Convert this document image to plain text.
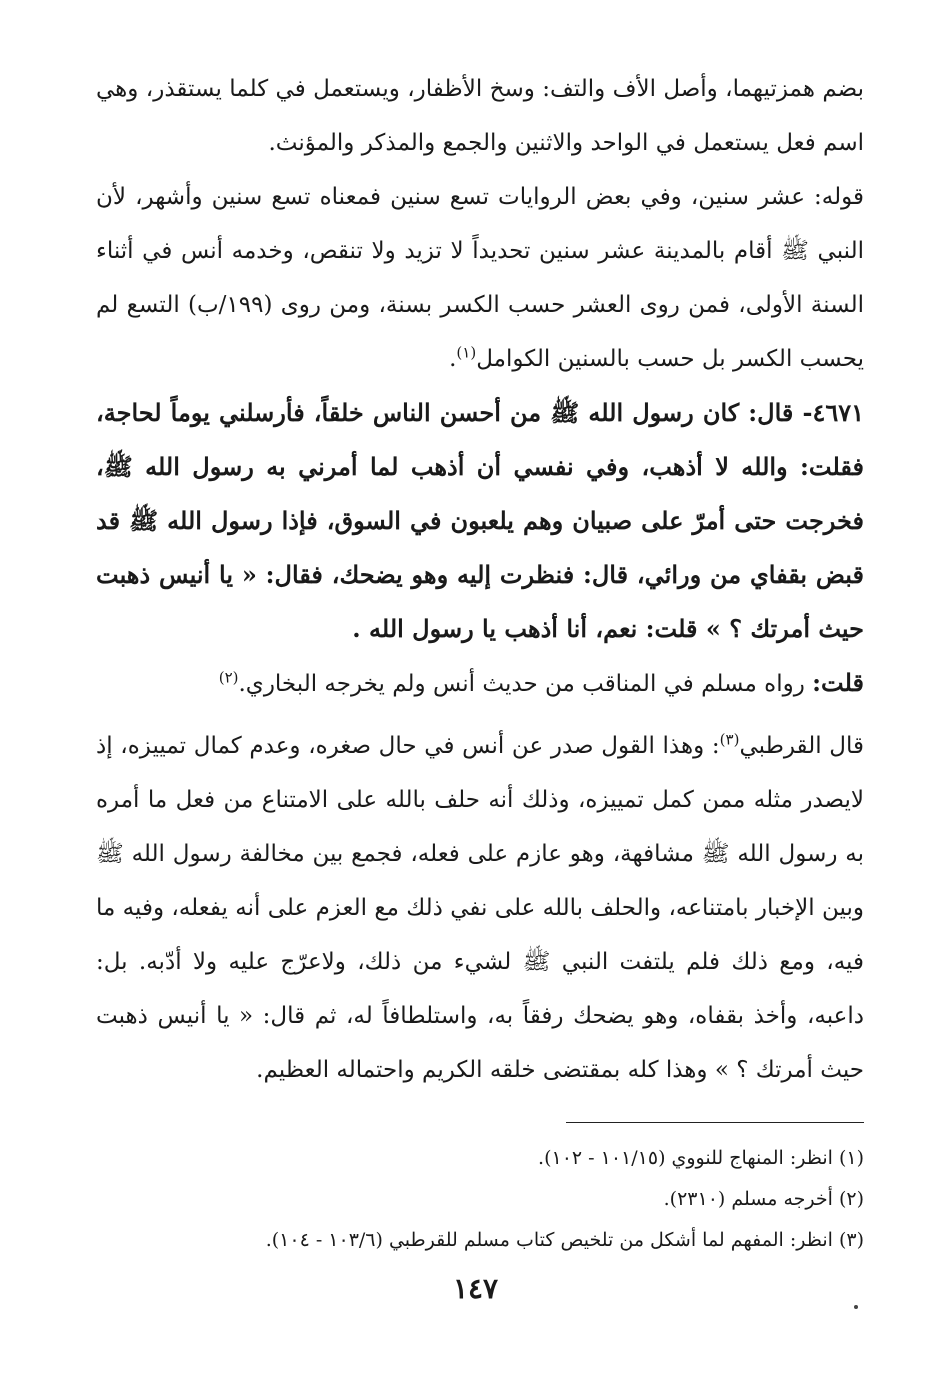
بضم همزتيهما، وأصل الأف والتف: وسخ الأظفار، ويستعمل في كلما يستقذر، وهي اسم فعل يستعمل في الواحد والاثنين والجمع والمذكر والمؤنث.

قوله: عشر سنين، وفي بعض الروايات تسع سنين فمعناه تسع سنين وأشهر، لأن النبي ﷺ أقام بالمدينة عشر سنين تحديداً لا تزيد ولا تنقص، وخدمه أنس في أثناء السنة الأولى، فمن روى العشر حسب الكسر بسنة، ومن روى (١٩٩/ب) التسع لم يحسب الكسر بل حسب بالسنين الكوامل$^{(١)}$.

٤٦٧١- قال: كان رسول الله ﷺ من أحسن الناس خلقاً، فأرسلني يوماً لحاجة، فقلت: والله لا أذهب، وفي نفسي أن أذهب لما أمرني به رسول الله ﷺ، فخرجت حتى أمرّ على صبيان وهم يلعبون في السوق، فإذا رسول الله ﷺ قد قبض بقفاي من ورائي، قال: فنظرت إليه وهو يضحك، فقال: « يا أنيس ذهبت حيث أمرتك ؟ » قلت: نعم، أنا أذهب يا رسول الله .

قلت: رواه مسلم في المناقب من حديث أنس ولم يخرجه البخاري.$^{(٢)}$

قال القرطبي$^{(٣)}$: وهذا القول صدر عن أنس في حال صغره، وعدم كمال تمييزه، إذ لايصدر مثله ممن كمل تمييزه، وذلك أنه حلف بالله على الامتناع من فعل ما أمره به رسول الله ﷺ مشافهة، وهو عازم على فعله، فجمع بين مخالفة رسول الله ﷺ وبين الإخبار بامتناعه، والحلف بالله على نفي ذلك مع العزم على أنه يفعله، وفيه ما فيه، ومع ذلك فلم يلتفت النبي ﷺ لشيء من ذلك، ولاعرّج عليه ولا أدّبه. بل: داعبه، وأخذ بقفاه، وهو يضحك رفقاً به، واستلطافاً له، ثم قال: « يا أنيس ذهبت حيث أمرتك ؟ » وهذا كله بمقتضى خلقه الكريم واحتماله العظيم.

(١) انظر: المنهاج للنووي (١٠١/١٥ - ١٠٢).
(٢) أخرجه مسلم (٢٣١٠).
(٣) انظر: المفهم لما أشكل من تلخيص كتاب مسلم للقرطبي (١٠٣/٦ - ١٠٤).
١٤٧
